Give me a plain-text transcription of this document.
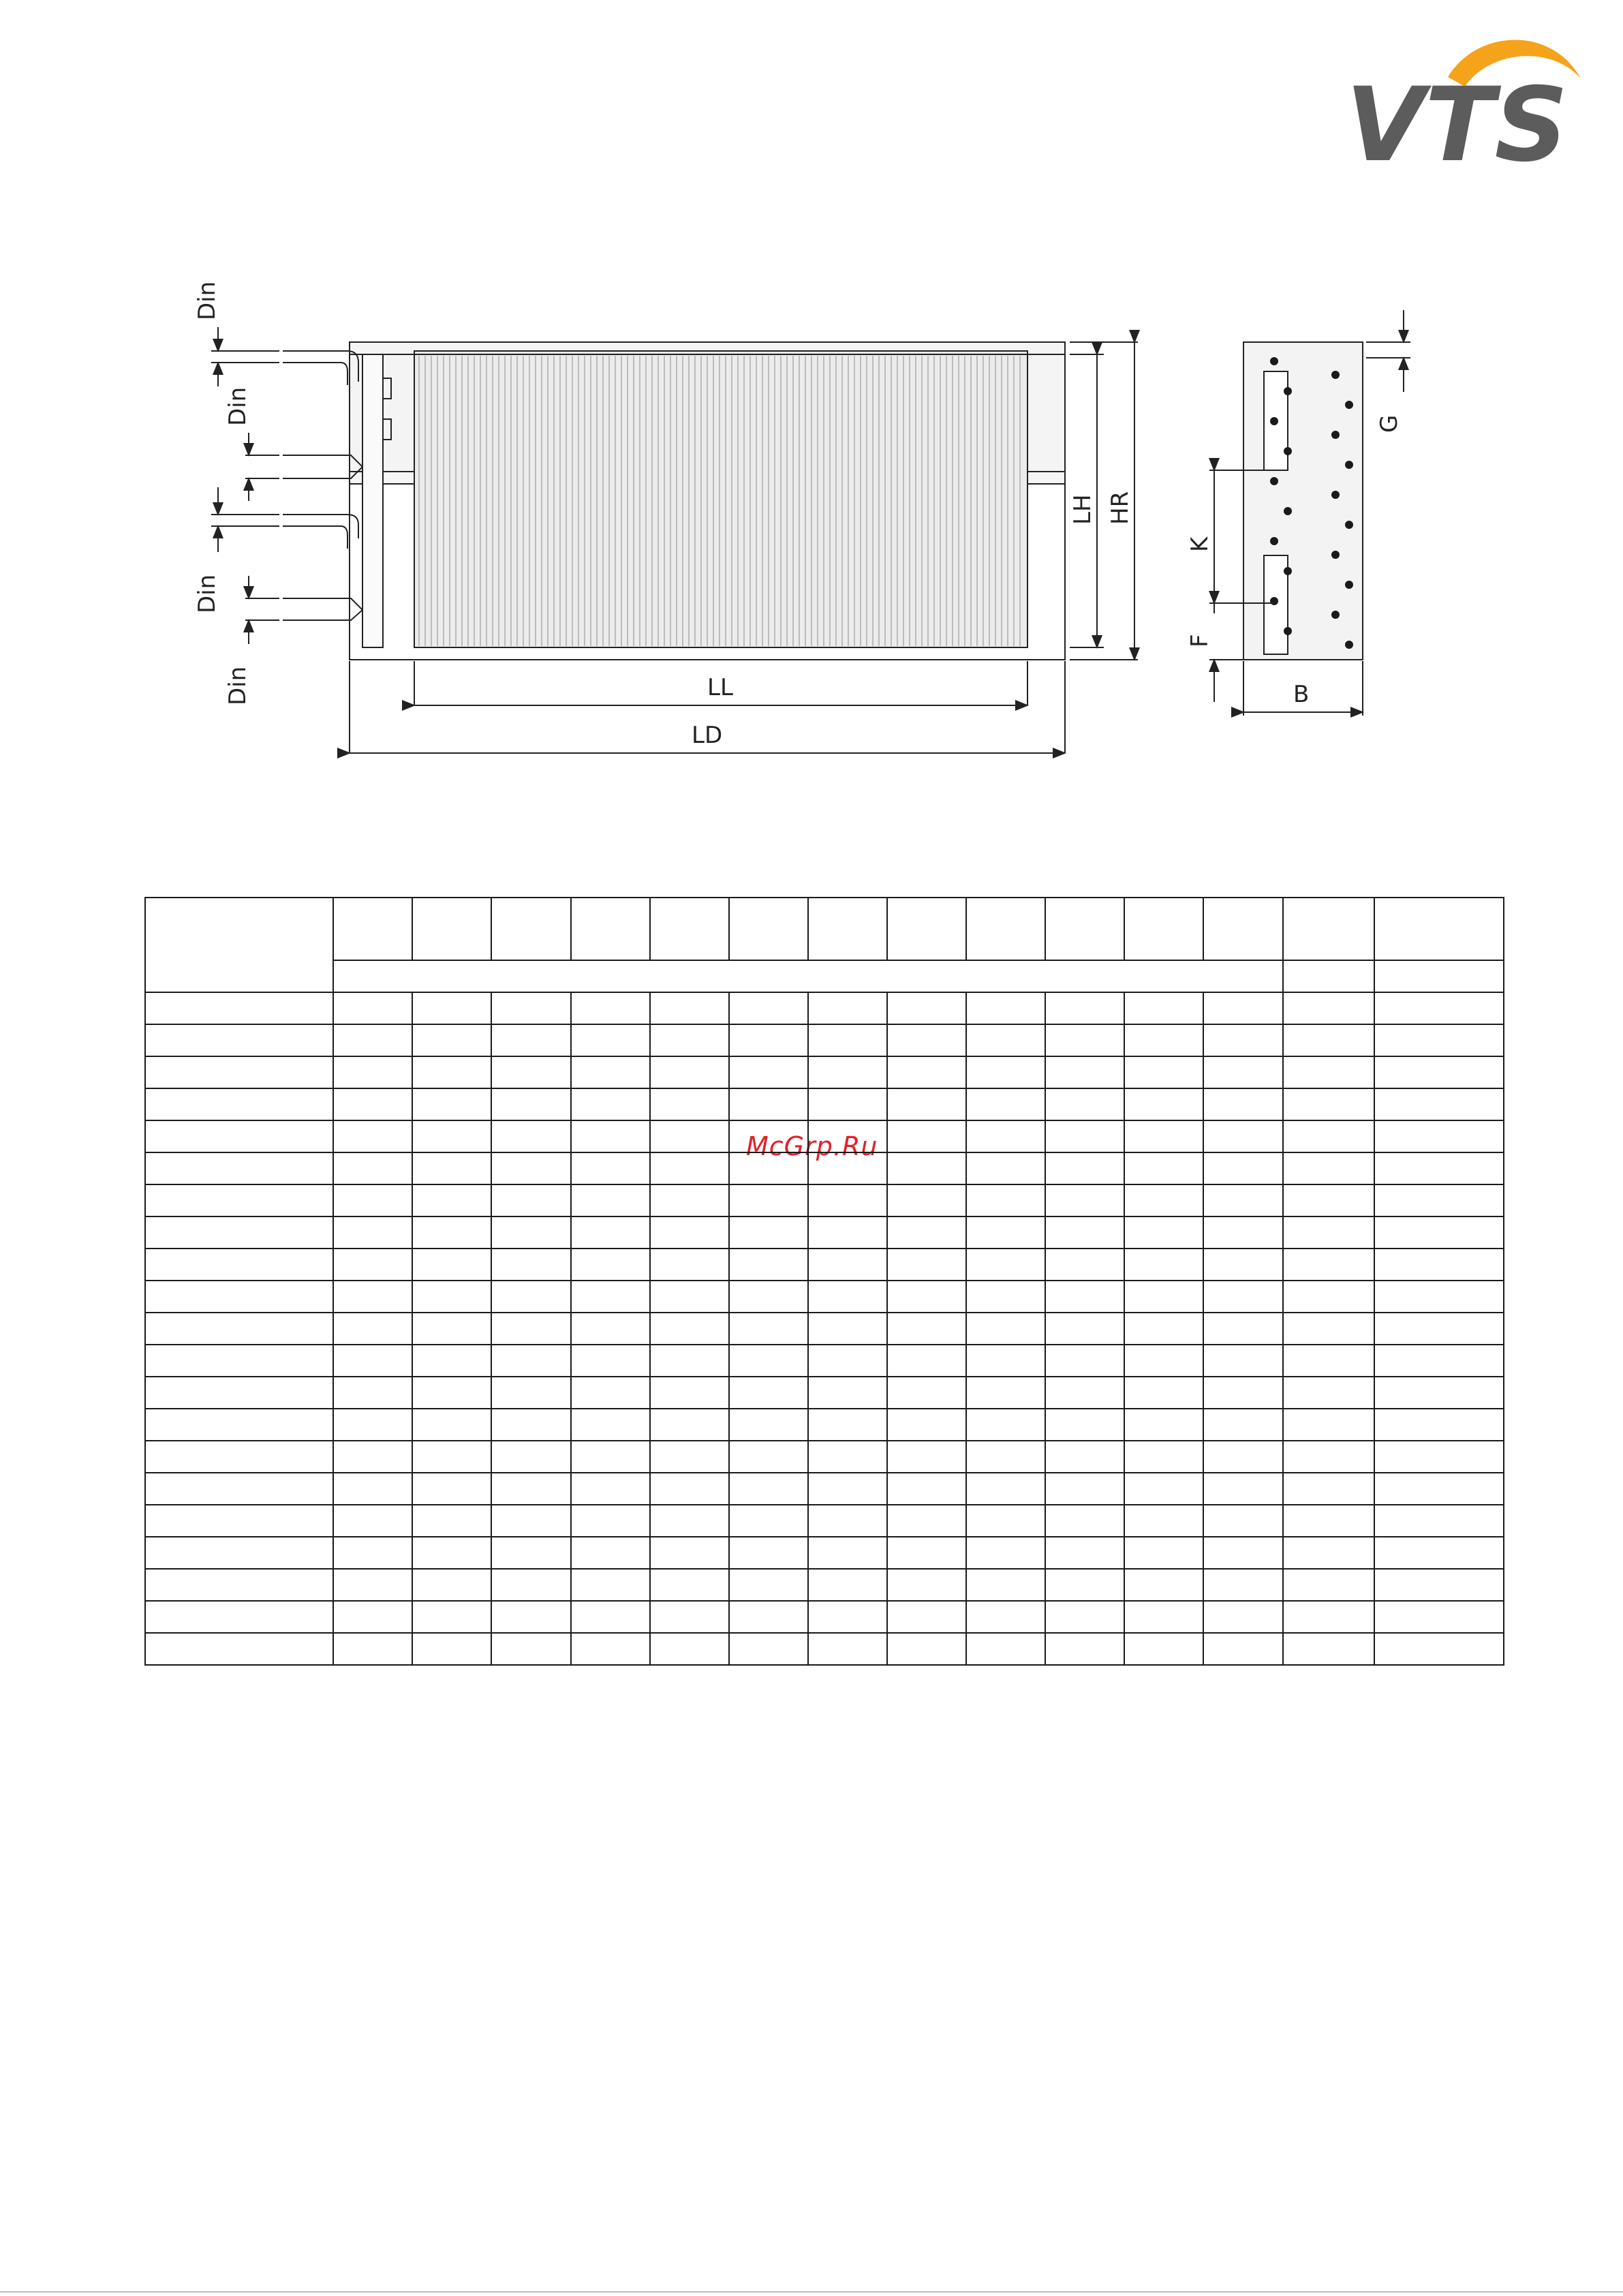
VTS
Din
Din
Din
Din	LL
LD
LH HR
G
K
F
B
McGrp.Ru
